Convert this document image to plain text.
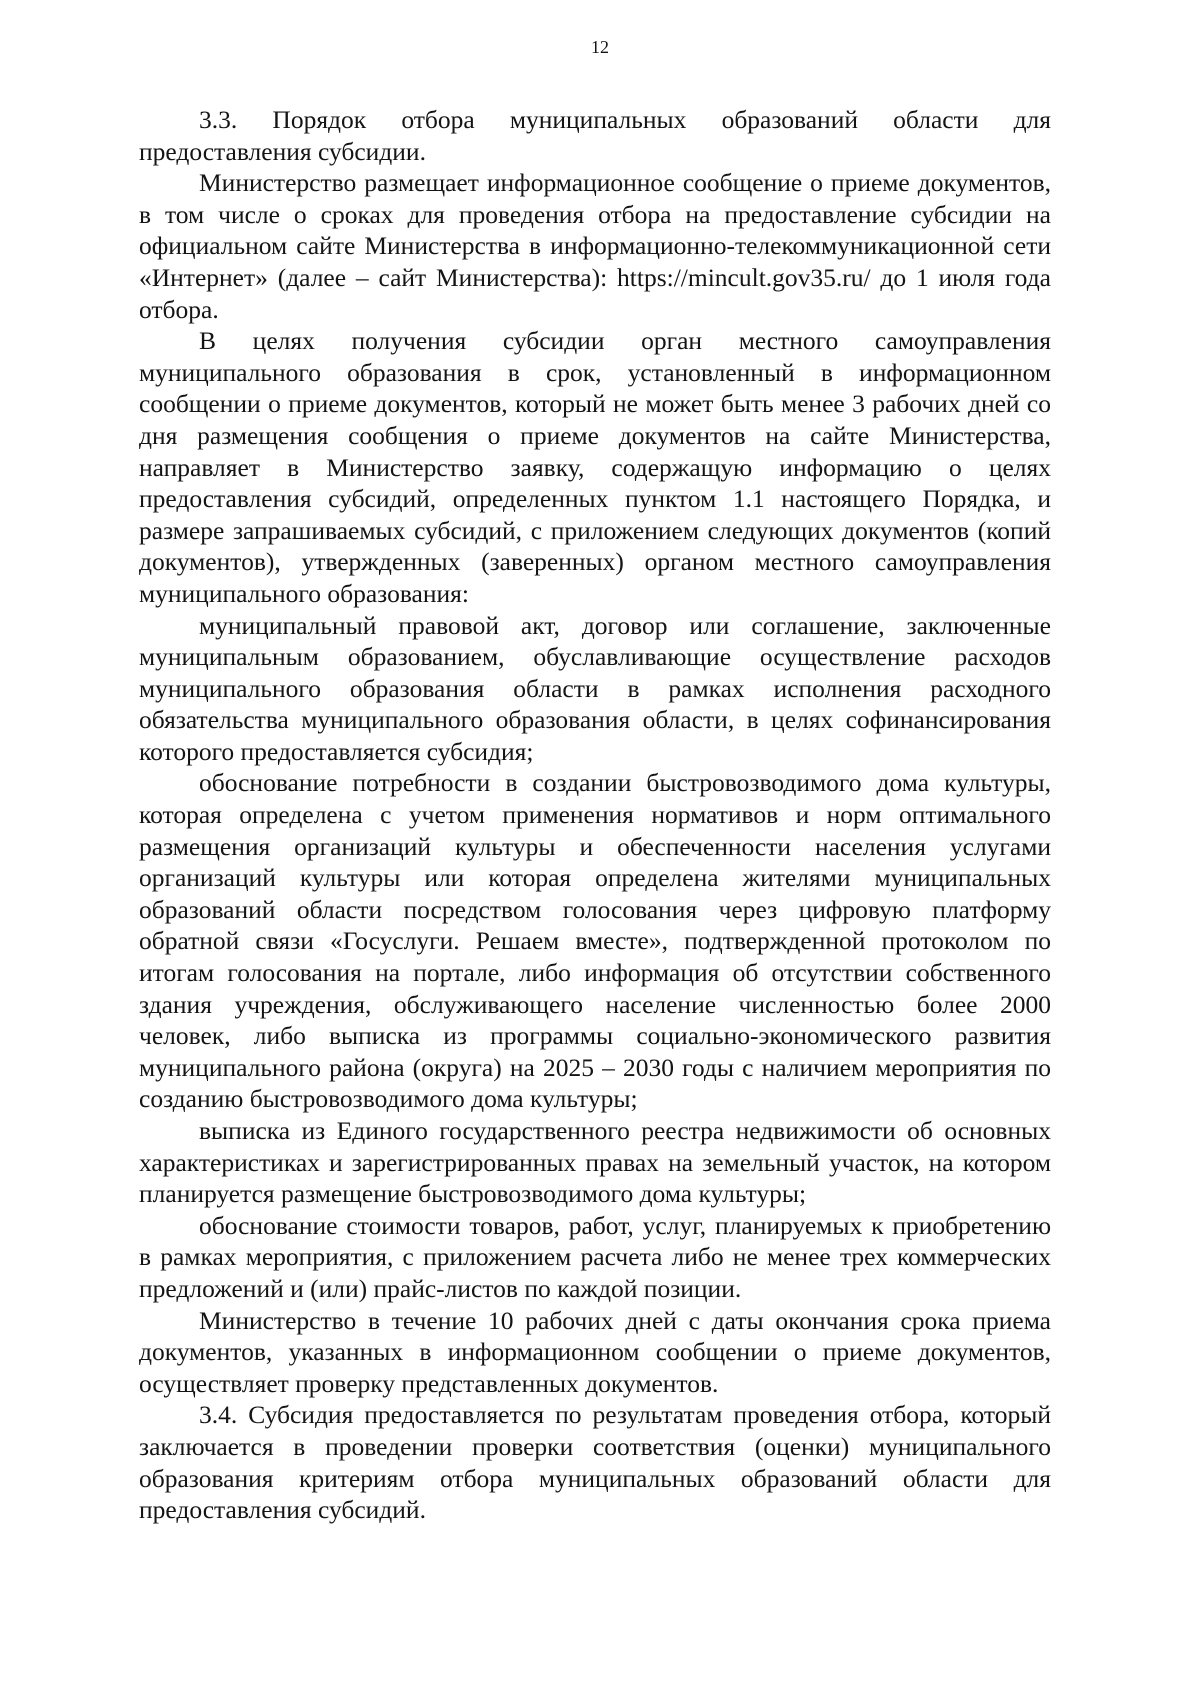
12

3.3. Порядок отбора муниципальных образований области для предоставления субсидии.

Министерство размещает информационное сообщение о приеме документов, в том числе о сроках для проведения отбора на предоставление субсидии на официальном сайте Министерства в информационно-телекоммуникационной сети «Интернет» (далее – сайт Министерства): https://mincult.gov35.ru/ до 1 июля года отбора.

В целях получения субсидии орган местного самоуправления муниципального образования в срок, установленный в информационном сообщении о приеме документов, который не может быть менее 3 рабочих дней со дня размещения сообщения о приеме документов на сайте Министерства, направляет в Министерство заявку, содержащую информацию о целях предоставления субсидий, определенных пунктом 1.1 настоящего Порядка, и размере запрашиваемых субсидий, с приложением следующих документов (копий документов), утвержденных (заверенных) органом местного самоуправления муниципального образования:

муниципальный правовой акт, договор или соглашение, заключенные муниципальным образованием, обуславливающие осуществление расходов муниципального образования области в рамках исполнения расходного обязательства муниципального образования области, в целях софинансирования которого предоставляется субсидия;

обоснование потребности в создании быстровозводимого дома культуры, которая определена с учетом применения нормативов и норм оптимального размещения организаций культуры и обеспеченности населения услугами организаций культуры или которая определена жителями муниципальных образований области посредством голосования через цифровую платформу обратной связи «Госуслуги. Решаем вместе», подтвержденной протоколом по итогам голосования на портале, либо информация об отсутствии собственного здания учреждения, обслуживающего население численностью более 2000 человек, либо выписка из программы социально-экономического развития муниципального района (округа) на 2025 – 2030 годы с наличием мероприятия по созданию быстровозводимого дома культуры;

выписка из Единого государственного реестра недвижимости об основных характеристиках и зарегистрированных правах на земельный участок, на котором планируется размещение быстровозводимого дома культуры;

обоснование стоимости товаров, работ, услуг, планируемых к приобретению в рамках мероприятия, с приложением расчета либо не менее трех коммерческих предложений и (или) прайс-листов по каждой позиции.

Министерство в течение 10 рабочих дней с даты окончания срока приема документов, указанных в информационном сообщении о приеме документов, осуществляет проверку представленных документов.

3.4. Субсидия предоставляется по результатам проведения отбора, который заключается в проведении проверки соответствия (оценки) муниципального образования критериям отбора муниципальных образований области для предоставления субсидий.
